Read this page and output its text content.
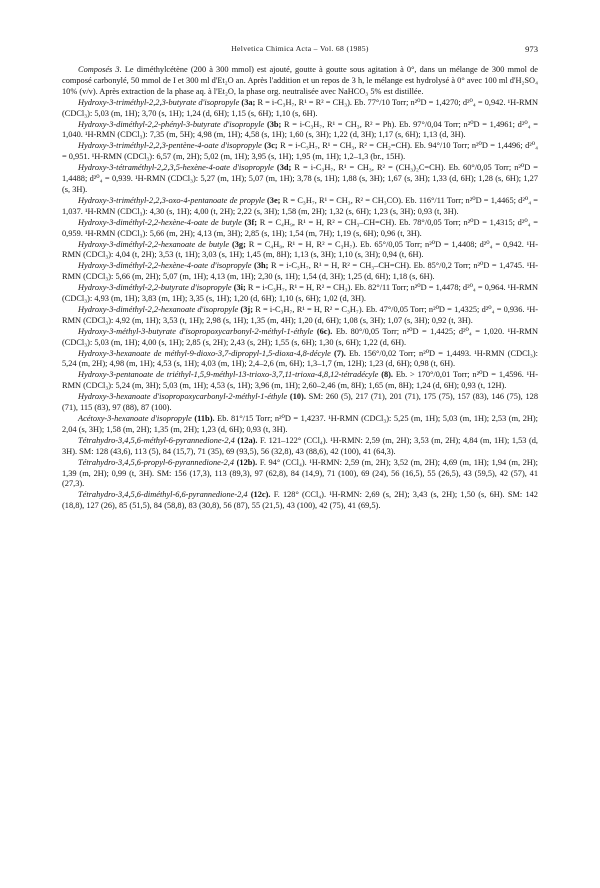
Helvetica Chimica Acta – Vol. 68 (1985)	973

Composés 3. Le diméthylcétène (200 à 300 mmol) est ajouté, goutte à goutte sous agitation à 0°, dans un mélange de 300 mmol de composé carbonylé, 50 mmol de I et 300 ml d'Et₂O an. Après l'addition et un repos de 3 h, le mélange est hydrolysé à 0° avec 100 ml d'H₂SO₄ 10% (v/v). Après extraction de la phase aq. à l'Et₂O, la phase org. neutralisée avec NaHCO₃ 5% est distillée.

Hydroxy-3-triméthyl-2,2,3-butyrate d'isopropyle (3a; R = i-C₃H₇, R¹ = R² = CH₃). Eb. 77°/10 Torr; n²⁰D = 1,4270; d²⁰₄ = 0,942. ¹H-RMN (CDCl₃): 5,03 (m, 1H); 3,70 (s, 1H); 1,24 (d, 6H); 1,15 (s, 6H); 1,10 (s, 6H).

Hydroxy-3-diméthyl-2,2-phényl-3-butyrate d'isopropyle (3b; R = i-C₃H₇, R¹ = CH₃, R² = Ph). Eb. 97°/0,04 Torr; n²⁰D = 1,4961; d²⁰₄ = 1,040. ¹H-RMN (CDCl₃): 7,35 (m, 5H); 4,98 (m, 1H); 4,58 (s, 1H); 1,60 (s, 3H); 1,22 (d, 3H); 1,17 (s, 6H); 1,13 (d, 3H).

Hydroxy-3-triméthyl-2,2,3-pentène-4-oate d'isopropyle (3c; R = i-C₃H₇, R¹ = CH₃, R² = CH₂=CH). Eb. 94°/10 Torr; n²⁰D = 1,4496; d²⁰₄ = 0,951. ¹H-RMN (CDCl₃): 6,57 (m, 2H); 5,02 (m, 1H); 3,95 (s, 1H); 1,95 (m, 1H); 1,2–1,3 (br., 15H).

Hydroxy-3-tétraméthyl-2,2,3,5-hexène-4-oate d'isopropyle (3d; R = i-C₃H₇, R¹ = CH₃, R² = (CH₃)₂C=CH). Eb. 60°/0,05 Torr; n²⁰D = 1,4488; d²⁰₄ = 0,939. ¹H-RMN (CDCl₃): 5,27 (m, 1H); 5,07 (m, 1H); 3,78 (s, 1H); 1,88 (s, 3H); 1,67 (s, 3H); 1,33 (d, 6H); 1,28 (s, 6H); 1,27 (s, 3H).

Hydroxy-3-triméthyl-2,2,3-oxo-4-pentanoate de propyle (3e; R = C₃H₇, R¹ = CH₃, R² = CH₃CO). Eb. 116°/11 Torr; n²⁰D = 1,4465; d²⁰₄ = 1,037. ¹H-RMN (CDCl₃): 4,30 (s, 1H); 4,00 (t, 2H); 2,22 (s, 3H); 1,58 (m, 2H); 1,32 (s, 6H); 1,23 (s, 3H); 0,93 (t, 3H).

Hydroxy-3-diméthyl-2,2-hexène-4-oate de butyle (3f; R = C₄H₉, R¹ = H, R² = CH₃–CH=CH). Eb. 78°/0,05 Torr; n²⁰D = 1,4315; d²⁰₄ = 0,959. ¹H-RMN (CDCl₃): 5,66 (m, 2H); 4,13 (m, 3H); 2,85 (s, 1H); 1,54 (m, 7H); 1,19 (s, 6H); 0,96 (t, 3H).

Hydroxy-3-diméthyl-2,2-hexanoate de butyle (3g; R = C₄H₉, R¹ = H, R² = C₃H₇). Eb. 65°/0,05 Torr; n²⁰D = 1,4408; d²⁰₄ = 0,942. ¹H-RMN (CDCl₃): 4,04 (t, 2H); 3,53 (t, 1H); 3,03 (s, 1H); 1,45 (m, 8H); 1,13 (s, 3H); 1,10 (s, 3H); 0,94 (t, 6H).

Hydroxy-3-diméthyl-2,2-hexène-4-oate d'isopropyle (3h; R = i-C₃H₇, R¹ = H, R² = CH₃–CH=CH). Eb. 85°/0,2 Torr; n²⁰D = 1,4745. ¹H-RMN (CDCl₃): 5,66 (m, 2H); 5,07 (m, 1H); 4,13 (m, 1H); 2,30 (s, 1H); 1,54 (d, 3H); 1,25 (d, 6H); 1,18 (s, 6H).

Hydroxy-3-diméthyl-2,2-butyrate d'isopropyle (3i; R = i-C₃H₇, R¹ = H, R² = CH₃). Eb. 82°/11 Torr; n²⁰D = 1,4478; d²⁰₄ = 0,964. ¹H-RMN (CDCl₃): 4,93 (m, 1H); 3,83 (m, 1H); 3,35 (s, 1H); 1,20 (d, 6H); 1,10 (s, 6H); 1,02 (d, 3H).

Hydroxy-3-diméthyl-2,2-hexanoate d'isopropyle (3j; R = i-C₃H₇, R¹ = H, R² = C₃H₇). Eb. 47°/0,05 Torr; n²⁰D = 1,4325; d²⁰₄ = 0,936. ¹H-RMN (CDCl₃): 4,92 (m, 1H); 3,53 (t, 1H); 2,98 (s, 1H); 1,35 (m, 4H); 1,20 (d, 6H); 1,08 (s, 3H); 1,07 (s, 3H); 0,92 (t, 3H).

Hydroxy-3-méthyl-3-butyrate d'isopropoxycarbonyl-2-méthyl-1-éthyle (6c). Eb. 80°/0,05 Torr; n²⁰D = 1,4425; d²⁰₄ = 1,020. ¹H-RMN (CDCl₃): 5,03 (m, 1H); 4,00 (s, 1H); 2,85 (s, 2H); 2,43 (s, 2H); 1,55 (s, 6H); 1,30 (s, 6H); 1,22 (d, 6H).

Hydroxy-3-hexanoate de méthyl-9-dioxo-3,7-dipropyl-1,5-dioxa-4,8-décyle (7). Eb. 156°/0,02 Torr; n²⁰D = 1,4493. ¹H-RMN (CDCl₃): 5,24 (m, 2H); 4,98 (m, 1H); 4,53 (s, 1H); 4,03 (m, 1H); 2,4–2,6 (m, 6H); 1,3–1,7 (m, 12H); 1,23 (d, 6H); 0,98 (t, 6H).

Hydroxy-3-pentanoate de triéthyl-1,5,9-méthyl-13-trioxo-3,7,11-trioxa-4,8,12-tétradécyle (8). Eb. > 170°/0,01 Torr; n²⁰D = 1,4596. ¹H-RMN (CDCl₃): 5,24 (m, 3H); 5,03 (m, 1H); 4,53 (s, 1H); 3,96 (m, 1H); 2,60–2,46 (m, 8H); 1,65 (m, 8H); 1,24 (d, 6H); 0,93 (t, 12H).

Hydroxy-3-hexanoate d'isopropoxycarbonyl-2-méthyl-1-éthyle (10). SM: 260 (5), 217 (71), 201 (71), 175 (75), 157 (83), 146 (75), 128 (71), 115 (83), 97 (88), 87 (100).

Acétoxy-3-hexanoate d'isopropyle (11b). Eb. 81°/15 Torr; n²⁰D = 1,4237. ¹H-RMN (CDCl₃): 5,25 (m, 1H); 5,03 (m, 1H); 2,53 (m, 2H); 2,04 (s, 3H); 1,58 (m, 2H); 1,35 (m, 2H); 1,23 (d, 6H); 0,93 (t, 3H).

Tétrahydro-3,4,5,6-méthyl-6-pyrannedione-2,4 (12a). F. 121–122° (CCl₄). ¹H-RMN: 2,59 (m, 2H); 3,53 (m, 2H); 4,84 (m, 1H); 1,53 (d, 3H). SM: 128 (43,6), 113 (5), 84 (15,7), 71 (35), 69 (93,5), 56 (32,8), 43 (88,6), 42 (100), 41 (64,3).

Tétrahydro-3,4,5,6-propyl-6-pyrannedione-2,4 (12b). F. 94° (CCl₄). ¹H-RMN: 2,59 (m, 2H); 3,52 (m, 2H); 4,69 (m, 1H); 1,94 (m, 2H); 1,39 (m, 2H); 0,99 (t, 3H). SM: 156 (17,3), 113 (89,3), 97 (62,8), 84 (14,9), 71 (100), 69 (24), 56 (16,5), 55 (26,5), 43 (59,5), 42 (57), 41 (27,3).

Tétrahydro-3,4,5,6-diméthyl-6,6-pyrannedione-2,4 (12c). F. 128° (CCl₄). ¹H-RMN: 2,69 (s, 2H); 3,43 (s, 2H); 1,50 (s, 6H). SM: 142 (18,8), 127 (26), 85 (51,5), 84 (58,8), 83 (30,8), 56 (87), 55 (21,5), 43 (100), 42 (75), 41 (69,5).
